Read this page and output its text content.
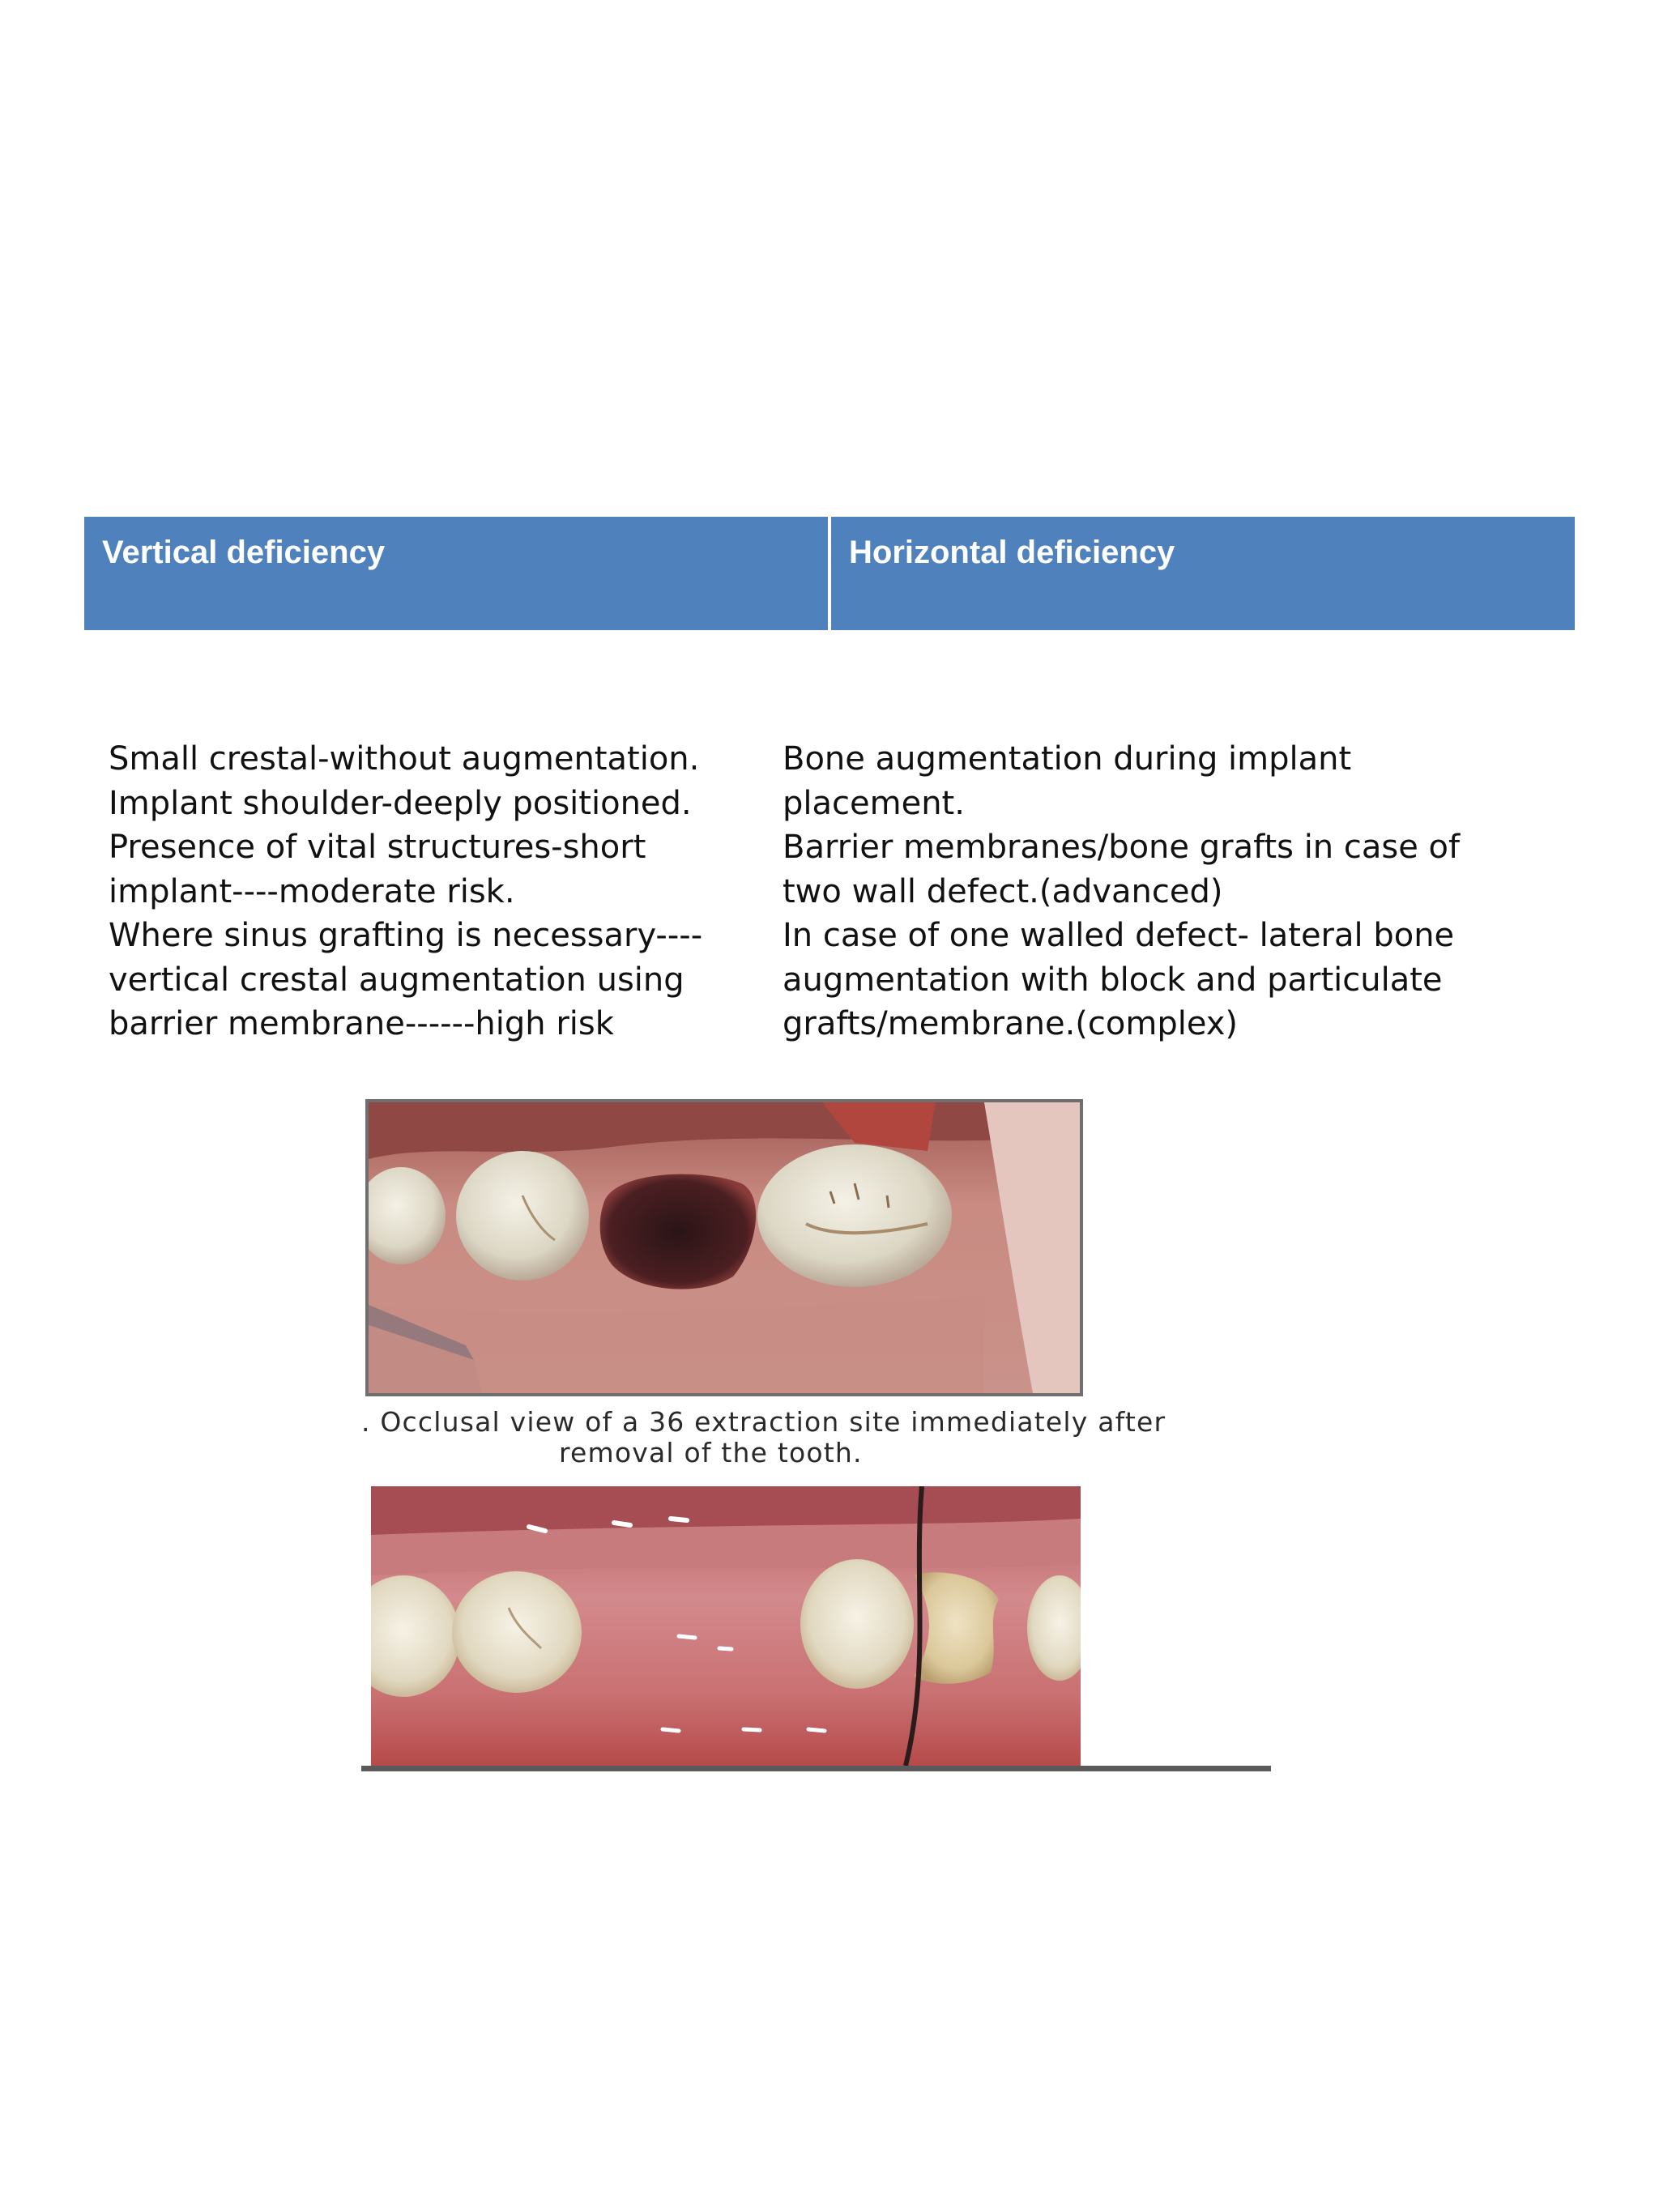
Vertical deficiency	Horizontal deficiency

Small crestal-without augmentation.

Implant shoulder-deeply positioned.

Presence of vital structures-short

implant----moderate risk.

Where sinus grafting is necessary----

vertical crestal augmentation using

barrier membrane------high risk

Bone augmentation during implant

placement.

Barrier membranes/bone grafts in case of

two wall defect.(advanced)

In case of one walled defect- lateral bone

augmentation with block and particulate

grafts/membrane.(complex)

. Occlusal view of a 36 extraction site immediately after
removal of the tooth.
